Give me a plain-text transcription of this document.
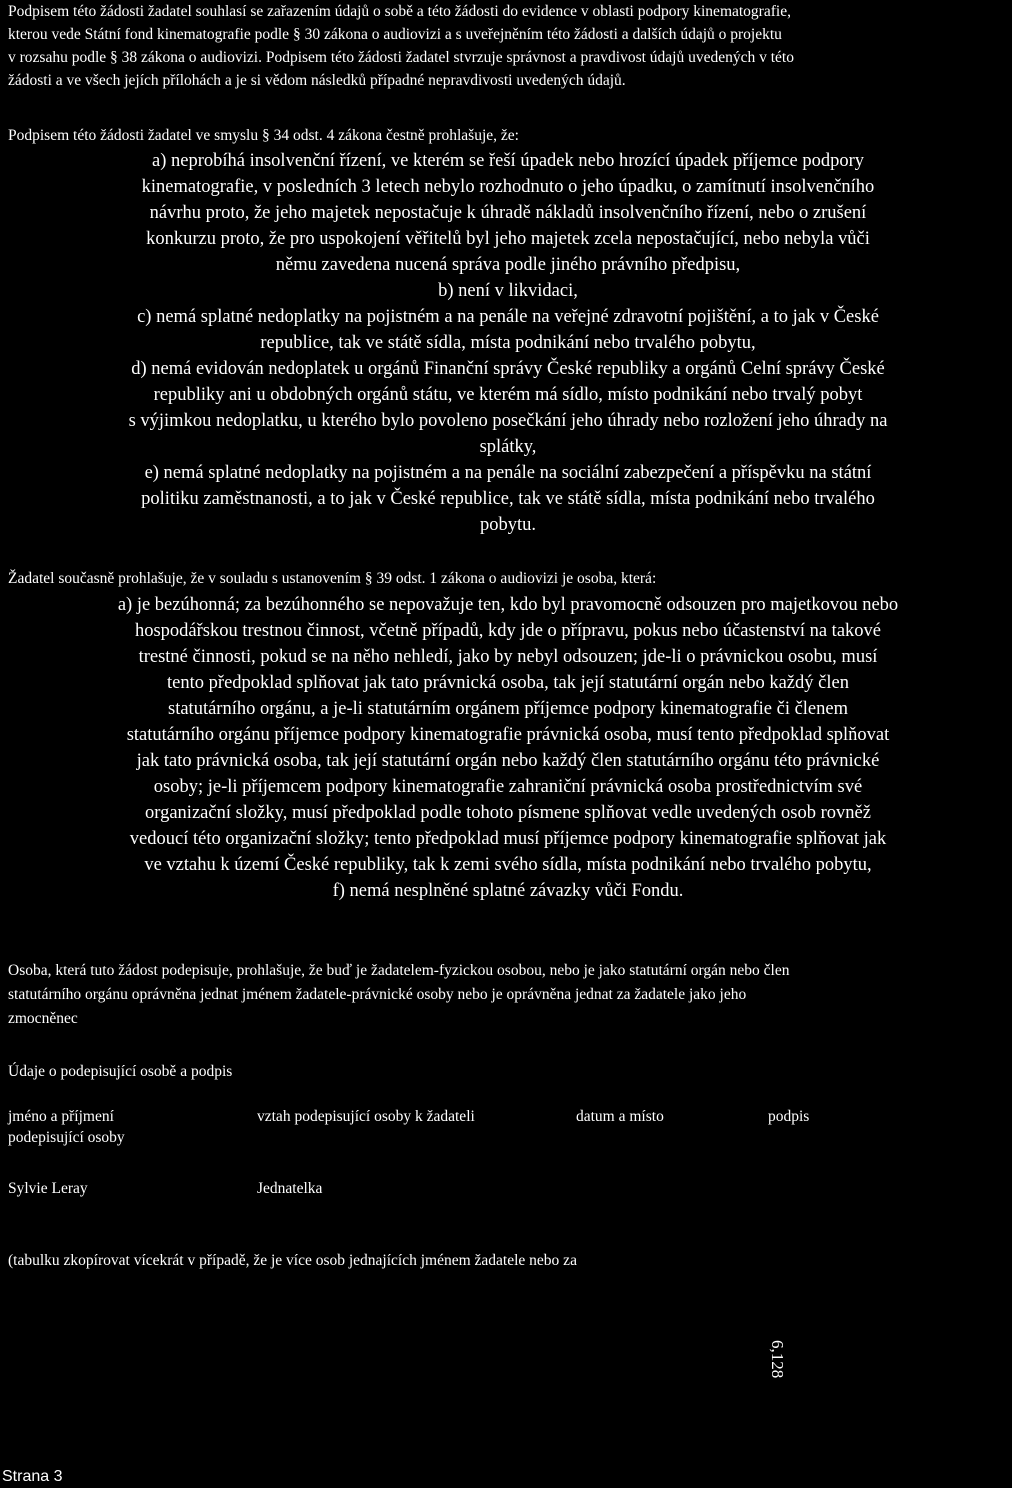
Podpisem této žádosti žadatel souhlasí se zařazením údajů o sobě a této žádosti do evidence v oblasti podpory kinematografie,
kterou vede Státní fond kinematografie podle § 30 zákona o audiovizi a s uveřejněním této žádosti a dalších údajů o projektu
v rozsahu podle § 38 zákona o audiovizi. Podpisem této žádosti žadatel stvrzuje správnost a pravdivost údajů uvedených v této
žádosti a ve všech jejích přílohách a je si vědom následků případné nepravdivosti uvedených údajů.
Podpisem této žádosti žadatel ve smyslu § 34 odst. 4 zákona čestně prohlašuje, že:
a) neprobíhá insolvenční řízení, ve kterém se řeší úpadek nebo hrozící úpadek příjemce podpory
kinematografie, v posledních 3 letech nebylo rozhodnuto o jeho úpadku, o zamítnutí insolvenčního
návrhu proto, že jeho majetek nepostačuje k úhradě nákladů insolvenčního řízení, nebo o zrušení
konkurzu proto, že pro uspokojení věřitelů byl jeho majetek zcela nepostačující, nebo nebyla vůči
němu zavedena nucená správa podle jiného právního předpisu,
b) není v likvidaci,
c) nemá splatné nedoplatky na pojistném a na penále na veřejné zdravotní pojištění, a to jak v České
republice, tak ve státě sídla, místa podnikání nebo trvalého pobytu,
d) nemá evidován nedoplatek u orgánů Finanční správy České republiky a orgánů Celní správy České
republiky ani u obdobných orgánů státu, ve kterém má sídlo, místo podnikání nebo trvalý pobyt
s výjimkou nedoplatku, u kterého bylo povoleno posečkání jeho úhrady nebo rozložení jeho úhrady na
splátky,
e) nemá splatné nedoplatky na pojistném a na penále na sociální zabezpečení a příspěvku na státní
politiku zaměstnanosti, a to jak v České republice, tak ve státě sídla, místa podnikání nebo trvalého
pobytu.
Žadatel současně prohlašuje, že v souladu s ustanovením § 39 odst. 1 zákona o audiovizi je osoba, která:
a) je bezúhonná; za bezúhonného se nepovažuje ten, kdo byl pravomocně odsouzen pro majetkovou nebo
hospodářskou trestnou činnost, včetně případů, kdy jde o přípravu, pokus nebo účastenství na takové
trestné činnosti, pokud se na něho nehledí, jako by nebyl odsouzen; jde-li o právnickou osobu, musí
tento předpoklad splňovat jak tato právnická osoba, tak její statutární orgán nebo každý člen
statutárního orgánu, a je-li statutárním orgánem příjemce podpory kinematografie či členem
statutárního orgánu příjemce podpory kinematografie právnická osoba, musí tento předpoklad splňovat
jak tato právnická osoba, tak její statutární orgán nebo každý člen statutárního orgánu této právnické
osoby; je-li příjemcem podpory kinematografie zahraniční právnická osoba prostřednictvím své
organizační složky, musí předpoklad podle tohoto písmene splňovat vedle uvedených osob rovněž
vedoucí této organizační složky; tento předpoklad musí příjemce podpory kinematografie splňovat jak
ve vztahu k území České republiky, tak k zemi svého sídla, místa podnikání nebo trvalého pobytu,
f) nemá nesplněné splatné závazky vůči Fondu.
Osoba, která tuto žádost podepisuje, prohlašuje, že buď je žadatelem-fyzickou osobou, nebo je jako statutární orgán nebo člen
statutárního orgánu oprávněna jednat jménem žadatele-právnické osoby nebo je oprávněna jednat za žadatele jako jeho
zmocněnec
Údaje o podepisující osobě a podpis
jméno a příjmení
podepisující osoby
vztah podepisující osoby k žadateli	datum a místo	podpis
Sylvie Leray	Jednatelka
(tabulku zkopírovat vícekrát v případě, že je více osob jednajících jménem žadatele nebo za
6,128
Strana 3
